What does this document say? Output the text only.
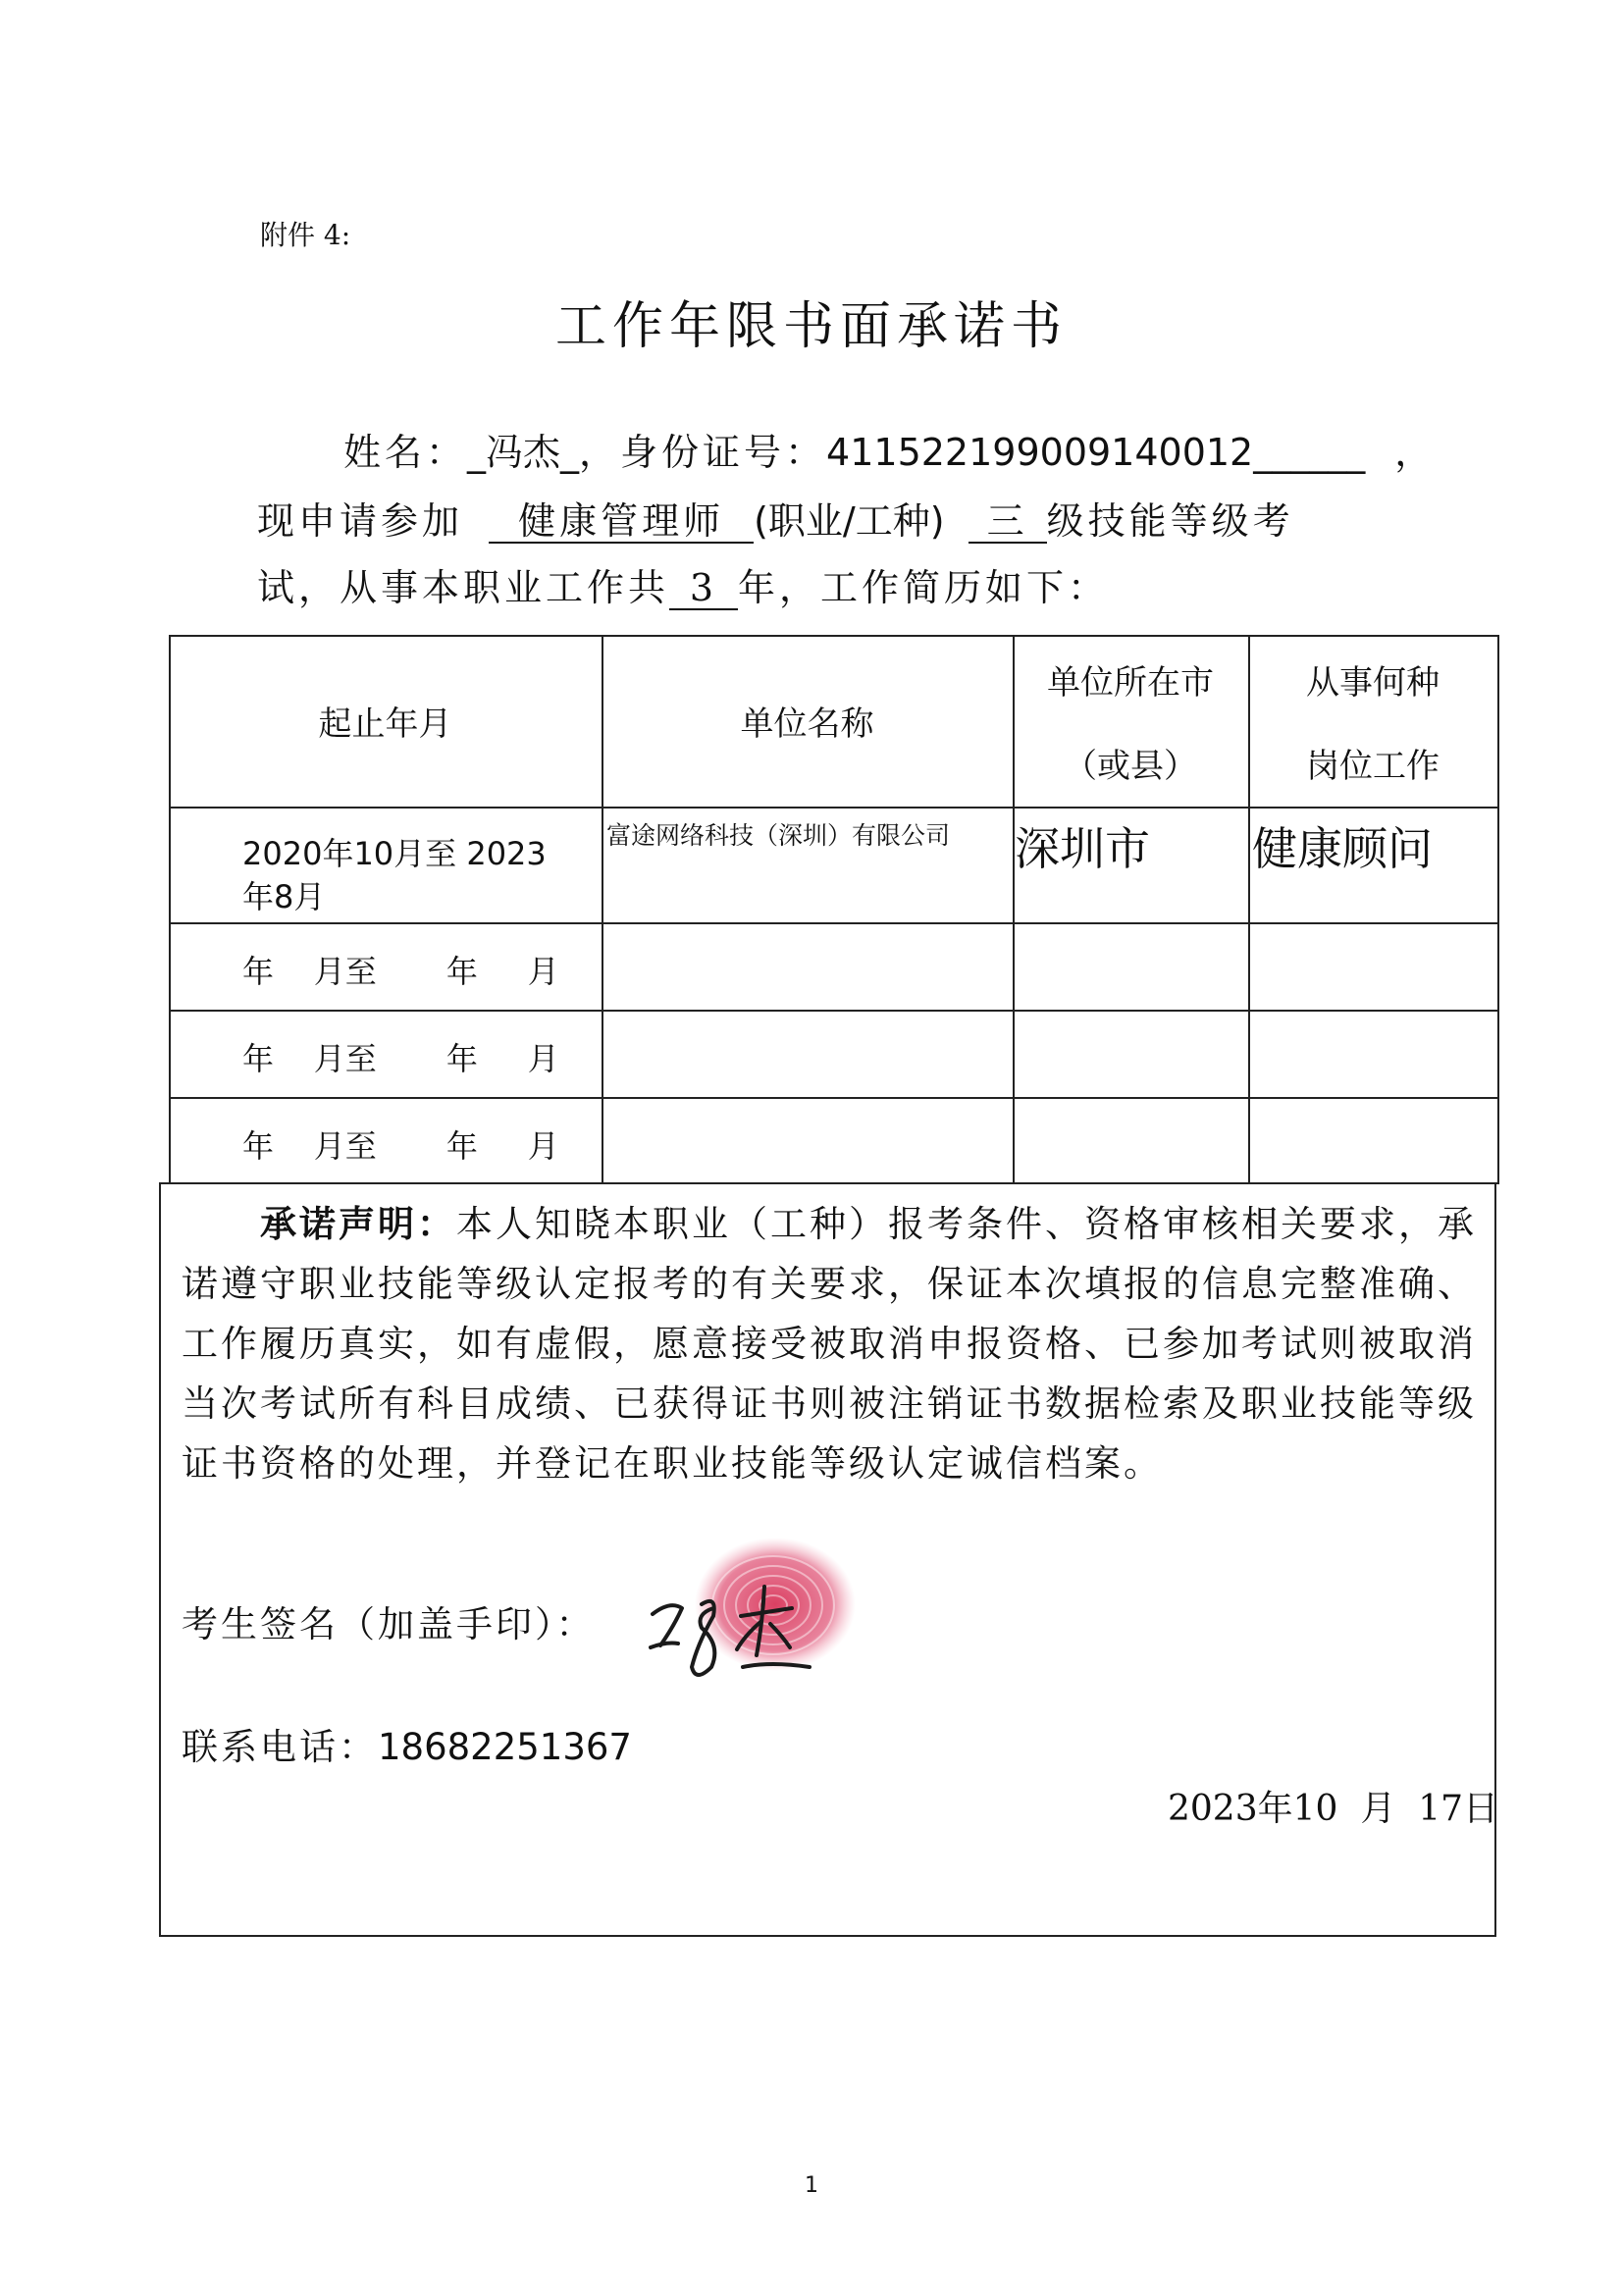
附件 4:
工作年限书面承诺书
姓名：_冯杰_，身份证号：411522199009140012______ ，
现申请参加 健康管理师 (职业/工种) 三 级技能等级考
试，从事本职业工作共 3 年，工作简历如下：
起止年月	单位名称
单位所在市
（或县）
从事何种
岗位工作
2020年10月至 2023
年8月
富途网络科技（深圳）有限公司 深圳市 健康顾问
年    月至       年     月
年    月至       年     月
年    月至       年     月
承诺声明：本人知晓本职业（工种）报考条件、资格审核相关要求，承诺遵守职业技能等级认定报考的有关要求，保证本次填报的信息完整准确、工作履历真实，如有虚假，愿意接受被取消申报资格、已参加考试则被取消当次考试所有科目成绩、已获得证书则被注销证书数据检索及职业技能等级证书资格的处理，并登记在职业技能等级认定诚信档案。
考生签名（加盖手印）：
联系电话：18682251367
2023年10  月  17日
1
